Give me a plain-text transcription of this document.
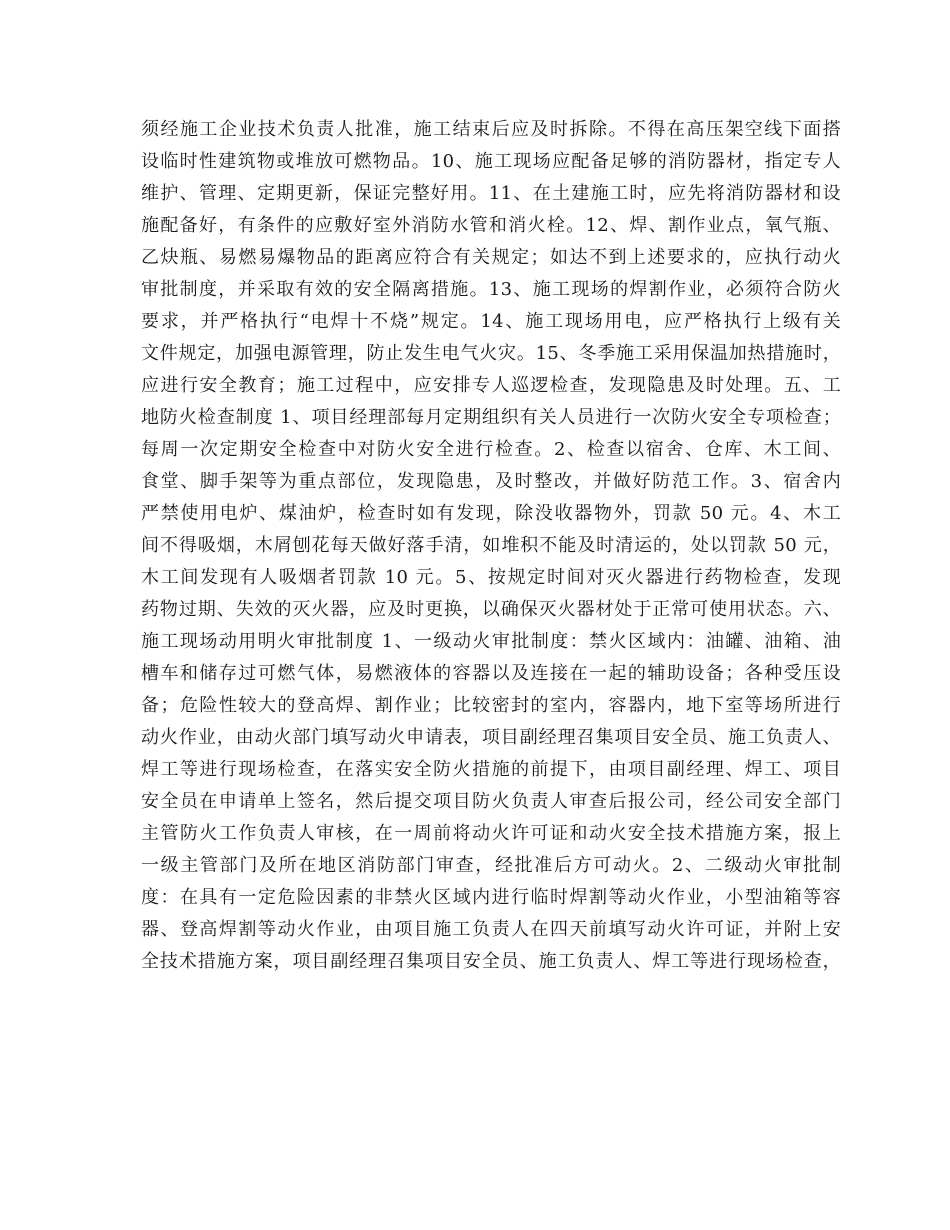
须经施工企业技术负责人批准，施工结束后应及时拆除。不得在高压架空线下面搭
设临时性建筑物或堆放可燃物品。10、施工现场应配备足够的消防器材，指定专人
维护、管理、定期更新，保证完整好用。11、在土建施工时，应先将消防器材和设
施配备好，有条件的应敷好室外消防水管和消火栓。12、焊、割作业点，氧气瓶、
乙炔瓶、易燃易爆物品的距离应符合有关规定；如达不到上述要求的，应执行动火
审批制度，并采取有效的安全隔离措施。13、施工现场的焊割作业，必须符合防火
要求，并严格执行“电焊十不烧”规定。14、施工现场用电，应严格执行上级有关
文件规定，加强电源管理，防止发生电气火灾。15、冬季施工采用保温加热措施时，
应进行安全教育；施工过程中，应安排专人巡逻检查，发现隐患及时处理。五、工
地防火检查制度 1、项目经理部每月定期组织有关人员进行一次防火安全专项检查；
每周一次定期安全检查中对防火安全进行检查。2、检查以宿舍、仓库、木工间、
食堂、脚手架等为重点部位，发现隐患，及时整改，并做好防范工作。3、宿舍内
严禁使用电炉、煤油炉，检查时如有发现，除没收器物外，罚款 50 元。4、木工
间不得吸烟，木屑刨花每天做好落手清，如堆积不能及时清运的，处以罚款 50 元，
木工间发现有人吸烟者罚款 10 元。5、按规定时间对灭火器进行药物检查，发现
药物过期、失效的灭火器，应及时更换，以确保灭火器材处于正常可使用状态。六、
施工现场动用明火审批制度 1、一级动火审批制度：禁火区域内：油罐、油箱、油
槽车和储存过可燃气体，易燃液体的容器以及连接在一起的辅助设备；各种受压设
备；危险性较大的登高焊、割作业；比较密封的室内，容器内，地下室等场所进行
动火作业，由动火部门填写动火申请表，项目副经理召集项目安全员、施工负责人、
焊工等进行现场检查，在落实安全防火措施的前提下，由项目副经理、焊工、项目
安全员在申请单上签名，然后提交项目防火负责人审查后报公司，经公司安全部门
主管防火工作负责人审核，在一周前将动火许可证和动火安全技术措施方案，报上
一级主管部门及所在地区消防部门审查，经批准后方可动火。2、二级动火审批制
度：在具有一定危险因素的非禁火区域内进行临时焊割等动火作业，小型油箱等容
器、登高焊割等动火作业，由项目施工负责人在四天前填写动火许可证，并附上安
全技术措施方案，项目副经理召集项目安全员、施工负责人、焊工等进行现场检查，
